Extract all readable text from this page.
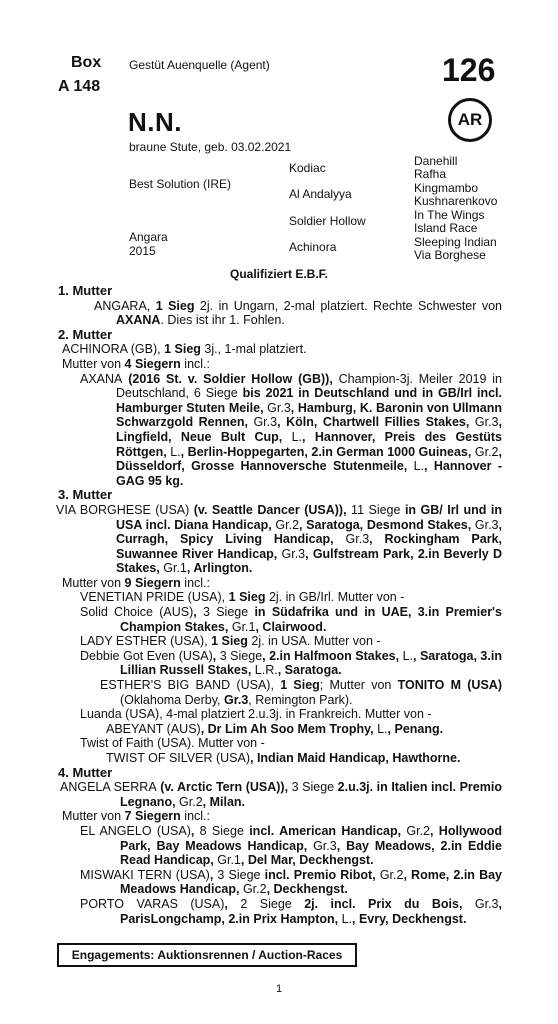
Box
A 148
Gestüt Auenquelle (Agent)	126
N.N.	AR
braune Stute, geb. 03.02.2021
Best Solution (IRE)
Angara
2015
Kodiac
Al Andalyya
Soldier Hollow
Achinora
Danehill
Rafha
Kingmambo
Kushnarenkovo
In The Wings
Island Race
Sleeping Indian
Via Borghese
Qualifiziert E.B.F.

1. Mutter

ANGARA, 1 Sieg 2j. in Ungarn, 2-mal platziert. Rechte Schwester von AXANA. Dies ist ihr 1. Fohlen.

2. Mutter

ACHINORA (GB), 1 Sieg 3j., 1-mal platziert.

Mutter von 4 Siegern incl.:

AXANA (2016 St. v. Soldier Hollow (GB)), Champion-3j. Meiler 2019 in Deutschland, 6 Siege bis 2021 in Deutschland und in GB/Irl incl. Hamburger Stuten Meile, Gr.3, Hamburg, K. Baronin von Ullmann Schwarzgold Rennen, Gr.3, Köln, Chartwell Fillies Stakes, Gr.3, Lingfield, Neue Bult Cup, L., Hannover, Preis des Gestüts Röttgen, L., Berlin-Hoppegarten, 2.in German 1000 Guineas, Gr.2, Düsseldorf, Grosse Hannoversche Stutenmeile, L., Hannover - GAG 95 kg.

3. Mutter

VIA BORGHESE (USA) (v. Seattle Dancer (USA)), 11 Siege in GB/ Irl und in USA incl. Diana Handicap, Gr.2, Saratoga, Desmond Stakes, Gr.3, Curragh, Spicy Living Handicap, Gr.3, Rockingham Park, Suwannee River Handicap, Gr.3, Gulfstream Park, 2.in Beverly D Stakes, Gr.1, Arlington.

Mutter von 9 Siegern incl.:

VENETIAN PRIDE (USA), 1 Sieg 2j. in GB/Irl. Mutter von -

Solid Choice (AUS), 3 Siege in Südafrika und in UAE, 3.in Premier's Champion Stakes, Gr.1, Clairwood.

LADY ESTHER (USA), 1 Sieg 2j. in USA. Mutter von -

Debbie Got Even (USA), 3 Siege, 2.in Halfmoon Stakes, L., Saratoga, 3.in Lillian Russell Stakes, L.R., Saratoga.

ESTHER'S BIG BAND (USA), 1 Sieg; Mutter von TONITO M (USA) (Oklahoma Derby, Gr.3, Remington Park).

Luanda (USA), 4-mal platziert 2.u.3j. in Frankreich. Mutter von -

ABEYANT (AUS), Dr Lim Ah Soo Mem Trophy, L., Penang.

Twist of Faith (USA). Mutter von -

TWIST OF SILVER (USA), Indian Maid Handicap, Hawthorne.

4. Mutter

ANGELA SERRA (v. Arctic Tern (USA)), 3 Siege 2.u.3j. in Italien incl. Premio Legnano, Gr.2, Milan.

Mutter von 7 Siegern incl.:

EL ANGELO (USA), 8 Siege incl. American Handicap, Gr.2, Hollywood Park, Bay Meadows Handicap, Gr.3, Bay Meadows, 2.in Eddie Read Handicap, Gr.1, Del Mar, Deckhengst.

MISWAKI TERN (USA), 3 Siege incl. Premio Ribot, Gr.2, Rome, 2.in Bay Meadows Handicap, Gr.2, Deckhengst.

PORTO VARAS (USA), 2 Siege 2j. incl. Prix du Bois, Gr.3, ParisLongchamp, 2.in Prix Hampton, L., Evry, Deckhengst.

Engagements: Auktionsrennen / Auction-Races
1
